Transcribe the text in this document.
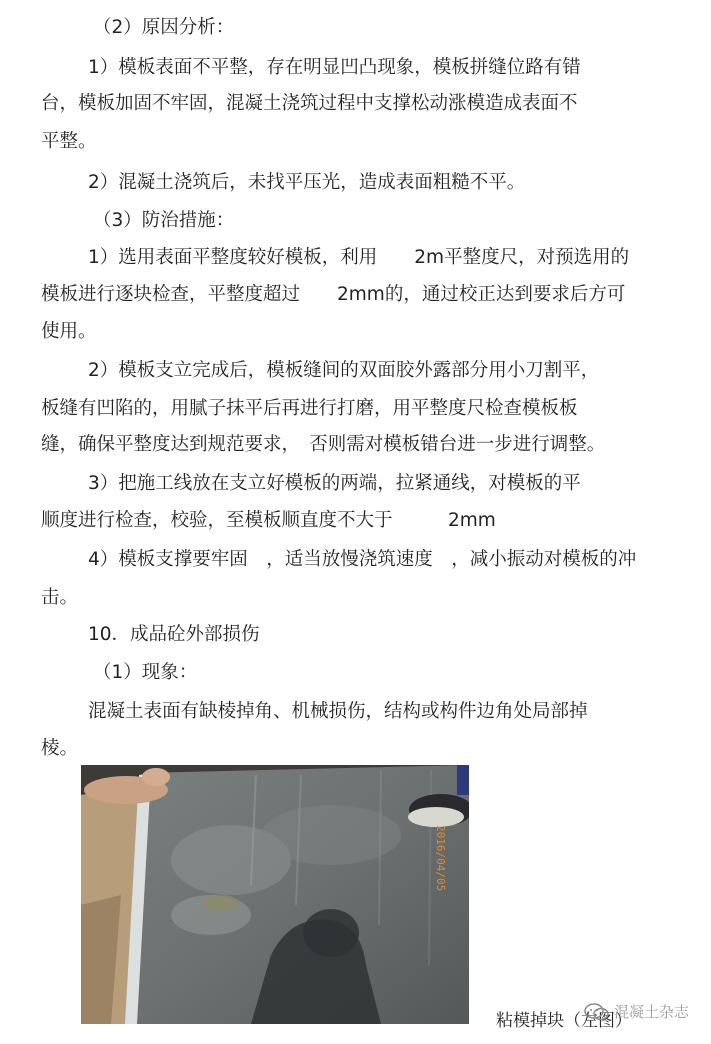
（2）原因分析：
1）模板表面不平整，存在明显凹凸现象，模板拼缝位路有错
台，模板加固不牢固，混凝土浇筑过程中支撑松动涨模造成表面不
平整。
2）混凝土浇筑后，未找平压光，造成表面粗糙不平。
（3）防治措施：
1）选用表面平整度较好模板，利用　　2m平整度尺，对预选用的
模板进行逐块检查，平整度超过　　2mm的，通过校正达到要求后方可
使用。
2）模板支立完成后，模板缝间的双面胶外露部分用小刀割平，
板缝有凹陷的，用腻子抹平后再进行打磨，用平整度尺检查模板板
缝，确保平整度达到规范要求，　否则需对模板错台进一步进行调整。
3）把施工线放在支立好模板的两端，拉紧通线，对模板的平
顺度进行检查，校验，至模板顺直度不大于　　　2mm
4）模板支撑要牢固　，适当放慢浇筑速度　，减小振动对模板的冲
击。
10．成品砼外部损伤
（1）现象：
混凝土表面有缺棱掉角、机械损伤，结构或构件边角处局部掉
棱。
2016/04/05
粘模掉块（左图）
混凝土杂志
